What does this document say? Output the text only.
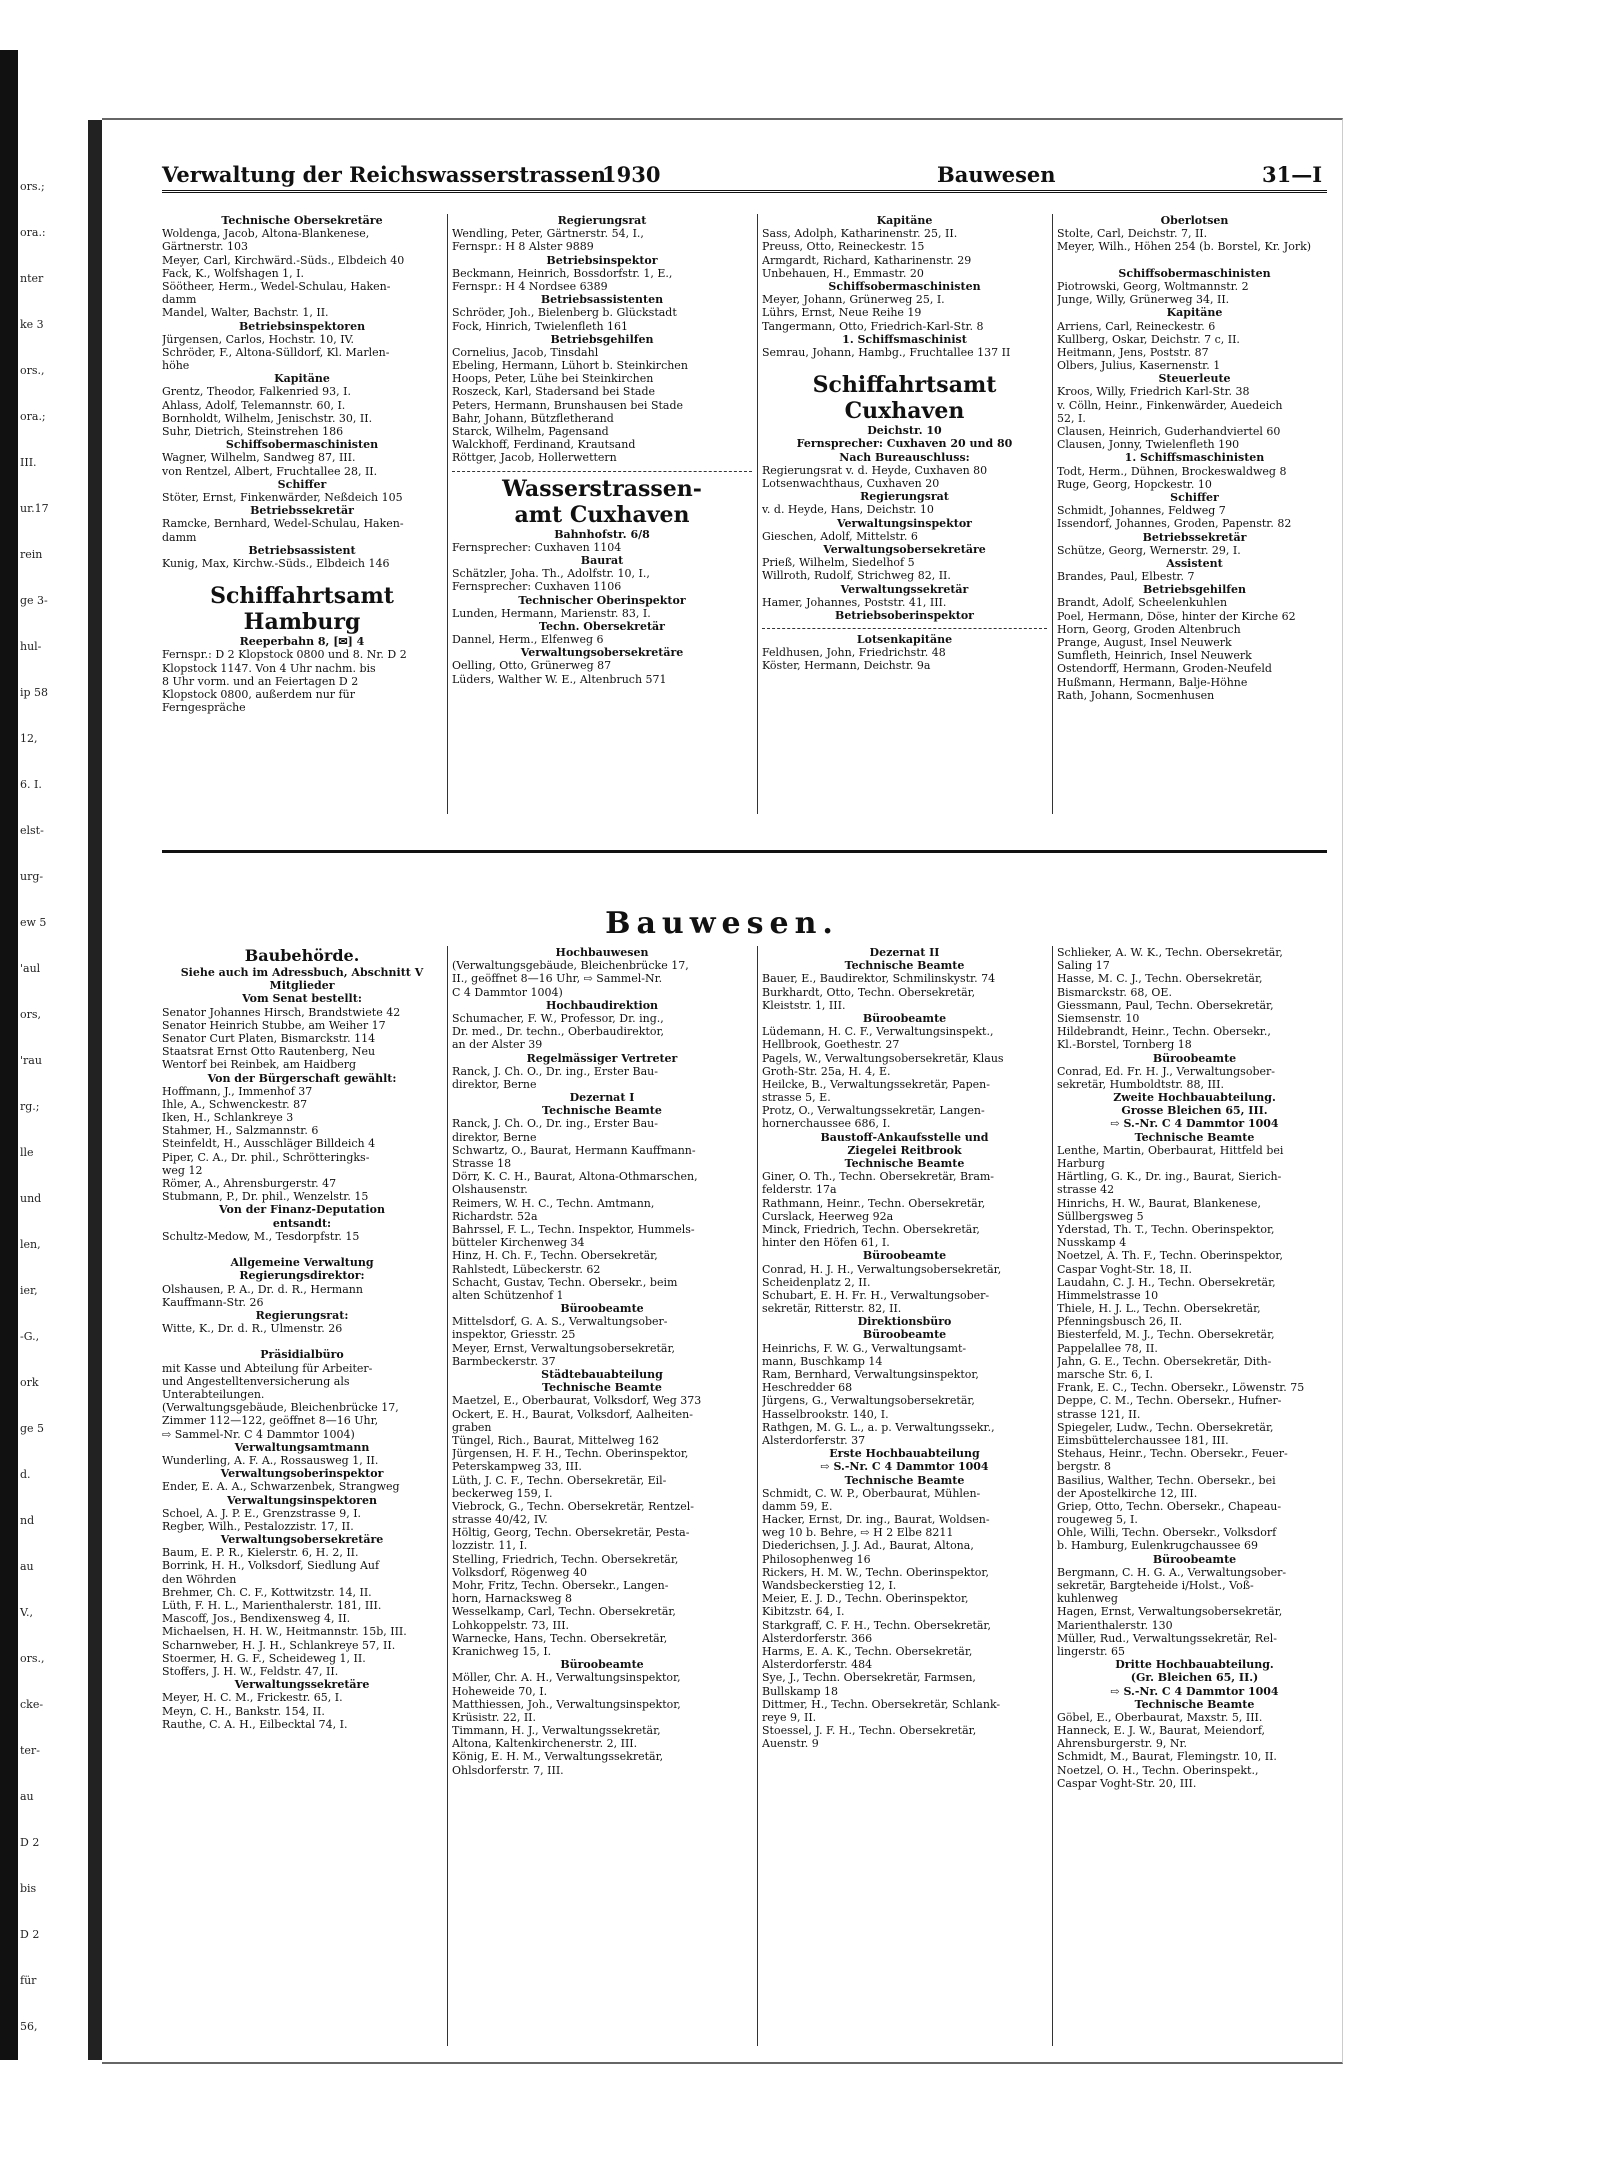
ors.;
ora.:
nter
ke 3
ors.,
ora.;
III.
ur.17
rein
ge 3-
hul-
ip 58
12,
6. I.
elst-
urg-
ew 5
'aul
ors,
'rau
rg.;
lle
und
len,
ier,
-G.,
ork
ge 5
d.
nd
au
V.,
ors.,
cke-
ter-
au
D 2
bis
D 2
für
56,
Verwaltung der Reichswasserstrassen
1930	Bauwesen	31—I
Technische Obersekretäre
Woldenga, Jacob, Altona-Blankenese,
Gärtnerstr. 103
Meyer, Carl, Kirchwärd.-Süds., Elbdeich 40
Fack, K., Wolfshagen 1, I.
Söötheer, Herm., Wedel-Schulau, Haken-
damm
Mandel, Walter, Bachstr. 1, II.
Betriebsinspektoren
Jürgensen, Carlos, Hochstr. 10, IV.
Schröder, F., Altona-Sülldorf, Kl. Marlen-
höhe
Kapitäne
Grentz, Theodor, Falkenried 93, I.
Ahlass, Adolf, Telemannstr. 60, I.
Bornholdt, Wilhelm, Jenischstr. 30, II.
Suhr, Dietrich, Steinstrehen 186
Schiffsobermaschinisten
Wagner, Wilhelm, Sandweg 87, III.
von Rentzel, Albert, Fruchtallee 28, II.
Schiffer
Stöter, Ernst, Finkenwärder, Neßdeich 105
Betriebssekretär
Ramcke, Bernhard, Wedel-Schulau, Haken-
damm
Betriebsassistent
Kunig, Max, Kirchw.-Süds., Elbdeich 146
Schiffahrtsamt
Hamburg
Reeperbahn 8, [✉] 4
Fernspr.: D 2 Klopstock 0800 und 8. Nr. D 2
Klopstock 1147. Von 4 Uhr nachm. bis
8 Uhr vorm. und an Feiertagen D 2
Klopstock 0800, außerdem nur für
Ferngespräche
Regierungsrat
Wendling, Peter, Gärtnerstr. 54, I.,
Fernspr.: H 8 Alster 9889
Betriebsinspektor
Beckmann, Heinrich, Bossdorfstr. 1, E.,
Fernspr.: H 4 Nordsee 6389
Betriebsassistenten
Schröder, Joh., Bielenberg b. Glückstadt
Fock, Hinrich, Twielenfleth 161
Betriebsgehilfen
Cornelius, Jacob, Tinsdahl
Ebeling, Hermann, Lühort b. Steinkirchen
Hoops, Peter, Lühe bei Steinkirchen
Roszeck, Karl, Stadersand bei Stade
Peters, Hermann, Brunshausen bei Stade
Bahr, Johann, Bützfletherand
Starck, Wilhelm, Pagensand
Walckhoff, Ferdinand, Krautsand
Röttger, Jacob, Hollerwettern
Wasserstrassen-
amt Cuxhaven
Bahnhofstr. 6/8
Fernsprecher: Cuxhaven 1104
Baurat
Schätzler, Joha. Th., Adolfstr. 10, I.,
Fernsprecher: Cuxhaven 1106
Technischer Oberinspektor
Lunden, Hermann, Marienstr. 83, I.
Techn. Obersekretär
Dannel, Herm., Elfenweg 6
Verwaltungsobersekretäre
Oelling, Otto, Grünerweg 87
Lüders, Walther W. E., Altenbruch 571
Kapitäne
Sass, Adolph, Katharinenstr. 25, II.
Preuss, Otto, Reineckestr. 15
Armgardt, Richard, Katharinenstr. 29
Unbehauen, H., Emmastr. 20
Schiffsobermaschinisten
Meyer, Johann, Grünerweg 25, I.
Lührs, Ernst, Neue Reihe 19
Tangermann, Otto, Friedrich-Karl-Str. 8
1. Schiffsmaschinist
Semrau, Johann, Hambg., Fruchtallee 137 II
Schiffahrtsamt
Cuxhaven
Deichstr. 10
Fernsprecher: Cuxhaven 20 und 80
Nach Bureauschluss:
Regierungsrat v. d. Heyde, Cuxhaven 80
Lotsenwachthaus, Cuxhaven 20
Regierungsrat
v. d. Heyde, Hans, Deichstr. 10
Verwaltungsinspektor
Gieschen, Adolf, Mittelstr. 6
Verwaltungsobersekretäre
Prieß, Wilhelm, Siedelhof 5
Willroth, Rudolf, Strichweg 82, II.
Verwaltungssekretär
Hamer, Johannes, Poststr. 41, III.
Betriebsoberinspektor
Lotsenkapitäne
Feldhusen, John, Friedrichstr. 48
Köster, Hermann, Deichstr. 9a
Oberlotsen
Stolte, Carl, Deichstr. 7, II.
Meyer, Wilh., Höhen 254 (b. Borstel, Kr. Jork)
Schiffsobermaschinisten
Piotrowski, Georg, Woltmannstr. 2
Junge, Willy, Grünerweg 34, II.
Kapitäne
Arriens, Carl, Reineckestr. 6
Kullberg, Oskar, Deichstr. 7 c, II.
Heitmann, Jens, Poststr. 87
Olbers, Julius, Kasernenstr. 1
Steuerleute
Kroos, Willy, Friedrich Karl-Str. 38
v. Cölln, Heinr., Finkenwärder, Auedeich
52, I.
Clausen, Heinrich, Guderhandviertel 60
Clausen, Jonny, Twielenfleth 190
1. Schiffsmaschinisten
Todt, Herm., Dühnen, Brockeswaldweg 8
Ruge, Georg, Hopckestr. 10
Schiffer
Schmidt, Johannes, Feldweg 7
Issendorf, Johannes, Groden, Papenstr. 82
Betriebssekretär
Schütze, Georg, Wernerstr. 29, I.
Assistent
Brandes, Paul, Elbestr. 7
Betriebsgehilfen
Brandt, Adolf, Scheelenkuhlen
Poel, Hermann, Döse, hinter der Kirche 62
Horn, Georg, Groden Altenbruch
Prange, August, Insel Neuwerk
Sumfleth, Heinrich, Insel Neuwerk
Ostendorff, Hermann, Groden-Neufeld
Hußmann, Hermann, Balje-Höhne
Rath, Johann, Socmenhusen
Bauwesen.
Baubehörde.
Siehe auch im Adressbuch, Abschnitt V
Mitglieder
Vom Senat bestellt:
Senator Johannes Hirsch, Brandstwiete 42
Senator Heinrich Stubbe, am Weiher 17
Senator Curt Platen, Bismarckstr. 114
Staatsrat Ernst Otto Rautenberg, Neu
Wentorf bei Reinbek, am Haidberg
Von der Bürgerschaft gewählt:
Hoffmann, J., Immenhof 37
Ihle, A., Schwenckestr. 87
Iken, H., Schlankreye 3
Stahmer, H., Salzmannstr. 6
Steinfeldt, H., Ausschläger Billdeich 4
Piper, C. A., Dr. phil., Schrötteringks-
weg 12
Römer, A., Ahrensburgerstr. 47
Stubmann, P., Dr. phil., Wenzelstr. 15
Von der Finanz-Deputation
entsandt:
Schultz-Medow, M., Tesdorpfstr. 15
Allgemeine Verwaltung
Regierungsdirektor:
Olshausen, P. A., Dr. d. R., Hermann
Kauffmann-Str. 26
Regierungsrat:
Witte, K., Dr. d. R., Ulmenstr. 26
Präsidialbüro
mit Kasse und Abteilung für Arbeiter-
und Angestelltenversicherung als
Unterabteilungen.
(Verwaltungsgebäude, Bleichenbrücke 17,
Zimmer 112—122, geöffnet 8—16 Uhr,
⇨ Sammel-Nr. C 4 Dammtor 1004)
Verwaltungsamtmann
Wunderling, A. F. A., Rossausweg 1, II.
Verwaltungsoberinspektor
Ender, E. A. A., Schwarzenbek, Strangweg
Verwaltungsinspektoren
Schoel, A. J. P. E., Grenzstrasse 9, I.
Regber, Wilh., Pestalozzistr. 17, II.
Verwaltungsobersekretäre
Baum, E. P. R., Kielerstr. 6, H. 2, II.
Borrink, H. H., Volksdorf, Siedlung Auf
den Wöhrden
Brehmer, Ch. C. F., Kottwitzstr. 14, II.
Lüth, F. H. L., Marienthalerstr. 181, III.
Mascoff, Jos., Bendixensweg 4, II.
Michaelsen, H. H. W., Heitmannstr. 15b, III.
Scharnweber, H. J. H., Schlankreye 57, II.
Stoermer, H. G. F., Scheideweg 1, II.
Stoffers, J. H. W., Feldstr. 47, II.
Verwaltungssekretäre
Meyer, H. C. M., Frickestr. 65, I.
Meyn, C. H., Bankstr. 154, II.
Rauthe, C. A. H., Eilbecktal 74, I.
Hochbauwesen
(Verwaltungsgebäude, Bleichenbrücke 17,
II., geöffnet 8—16 Uhr, ⇨ Sammel-Nr.
C 4 Dammtor 1004)
Hochbaudirektion
Schumacher, F. W., Professor, Dr. ing.,
Dr. med., Dr. techn., Oberbaudirektor,
an der Alster 39
Regelmässiger Vertreter
Ranck, J. Ch. O., Dr. ing., Erster Bau-
direktor, Berne
Dezernat I
Technische Beamte
Ranck, J. Ch. O., Dr. ing., Erster Bau-
direktor, Berne
Schwartz, O., Baurat, Hermann Kauffmann-
Strasse 18
Dörr, K. C. H., Baurat, Altona-Othmarschen,
Olshausenstr.
Reimers, W. H. C., Techn. Amtmann,
Richardstr. 52a
Bahrssel, F. L., Techn. Inspektor, Hummels-
bütteler Kirchenweg 34
Hinz, H. Ch. F., Techn. Obersekretär,
Rahlstedt, Lübeckerstr. 62
Schacht, Gustav, Techn. Obersekr., beim
alten Schützenhof 1
Büroobeamte
Mittelsdorf, G. A. S., Verwaltungsober-
inspektor, Griesstr. 25
Meyer, Ernst, Verwaltungsobersekretär,
Barmbeckerstr. 37
Städtebauabteilung
Technische Beamte
Maetzel, E., Oberbaurat, Volksdorf, Weg 373
Ockert, E. H., Baurat, Volksdorf, Aalheiten-
graben
Tüngel, Rich., Baurat, Mittelweg 162
Jürgensen, H. F. H., Techn. Oberinspektor,
Peterskampweg 33, III.
Lüth, J. C. F., Techn. Obersekretär, Eil-
beckerweg 159, I.
Viebrock, G., Techn. Obersekretär, Rentzel-
strasse 40/42, IV.
Höltig, Georg, Techn. Obersekretär, Pesta-
lozzistr. 11, I.
Stelling, Friedrich, Techn. Obersekretär,
Volksdorf, Rögenweg 40
Mohr, Fritz, Techn. Obersekr., Langen-
horn, Harnacksweg 8
Wesselkamp, Carl, Techn. Obersekretär,
Lohkoppelstr. 73, III.
Warnecke, Hans, Techn. Obersekretär,
Kranichweg 15, I.
Büroobeamte
Möller, Chr. A. H., Verwaltungsinspektor,
Hoheweide 70, I.
Matthiessen, Joh., Verwaltungsinspektor,
Krüsistr. 22, II.
Timmann, H. J., Verwaltungssekretär,
Altona, Kaltenkirchenerstr. 2, III.
König, E. H. M., Verwaltungssekretär,
Ohlsdorferstr. 7, III.
Dezernat II
Technische Beamte
Bauer, E., Baudirektor, Schmilinskystr. 74
Burkhardt, Otto, Techn. Obersekretär,
Kleiststr. 1, III.
Büroobeamte
Lüdemann, H. C. F., Verwaltungsinspekt.,
Hellbrook, Goethestr. 27
Pagels, W., Verwaltungsobersekretär, Klaus
Groth-Str. 25a, H. 4, E.
Heilcke, B., Verwaltungssekretär, Papen-
strasse 5, E.
Protz, O., Verwaltungssekretär, Langen-
hornerchaussee 686, I.
Baustoff-Ankaufsstelle und
Ziegelei Reitbrook
Technische Beamte
Giner, O. Th., Techn. Obersekretär, Bram-
felderstr. 17a
Rathmann, Heinr., Techn. Obersekretär,
Curslack, Heerweg 92a
Minck, Friedrich, Techn. Obersekretär,
hinter den Höfen 61, I.
Büroobeamte
Conrad, H. J. H., Verwaltungsobersekretär,
Scheidenplatz 2, II.
Schubart, E. H. Fr. H., Verwaltungsober-
sekretär, Ritterstr. 82, II.
Direktionsbüro
Büroobeamte
Heinrichs, F. W. G., Verwaltungsamt-
mann, Buschkamp 14
Ram, Bernhard, Verwaltungsinspektor,
Heschredder 68
Jürgens, G., Verwaltungsobersekretär,
Hasselbrookstr. 140, I.
Rathgen, M. G. L., a. p. Verwaltungssekr.,
Alsterdorferstr. 37
Erste Hochbauabteilung
⇨ S.-Nr. C 4 Dammtor 1004
Technische Beamte
Schmidt, C. W. P., Oberbaurat, Mühlen-
damm 59, E.
Hacker, Ernst, Dr. ing., Baurat, Woldsen-
weg 10 b. Behre, ⇨ H 2 Elbe 8211
Diederichsen, J. J. Ad., Baurat, Altona,
Philosophenweg 16
Rickers, H. M. W., Techn. Oberinspektor,
Wandsbeckerstieg 12, I.
Meier, E. J. D., Techn. Oberinspektor,
Kibitzstr. 64, I.
Starkgraff, C. F. H., Techn. Obersekretär,
Alsterdorferstr. 366
Harms, E. A. K., Techn. Obersekretär,
Alsterdorferstr. 484
Sye, J., Techn. Obersekretär, Farmsen,
Bullskamp 18
Dittmer, H., Techn. Obersekretär, Schlank-
reye 9, II.
Stoessel, J. F. H., Techn. Obersekretär,
Auenstr. 9
Schlieker, A. W. K., Techn. Obersekretär,
Saling 17
Hasse, M. C. J., Techn. Obersekretär,
Bismarckstr. 68, OE.
Giessmann, Paul, Techn. Obersekretär,
Siemsenstr. 10
Hildebrandt, Heinr., Techn. Obersekr.,
Kl.-Borstel, Tornberg 18
Büroobeamte
Conrad, Ed. Fr. H. J., Verwaltungsober-
sekretär, Humboldtstr. 88, III.
Zweite Hochbauabteilung.
Grosse Bleichen 65, III.
⇨ S.-Nr. C 4 Dammtor 1004
Technische Beamte
Lenthe, Martin, Oberbaurat, Hittfeld bei
Harburg
Härtling, G. K., Dr. ing., Baurat, Sierich-
strasse 42
Hinrichs, H. W., Baurat, Blankenese,
Süllbergsweg 5
Yderstad, Th. T., Techn. Oberinspektor,
Nusskamp 4
Noetzel, A. Th. F., Techn. Oberinspektor,
Caspar Voght-Str. 18, II.
Laudahn, C. J. H., Techn. Obersekretär,
Himmelstrasse 10
Thiele, H. J. L., Techn. Obersekretär,
Pfenningsbusch 26, II.
Biesterfeld, M. J., Techn. Obersekretär,
Pappelallee 78, II.
Jahn, G. E., Techn. Obersekretär, Dith-
marsche Str. 6, I.
Frank, E. C., Techn. Obersekr., Löwenstr. 75
Deppe, C. M., Techn. Obersekr., Hufner-
strasse 121, II.
Spiegeler, Ludw., Techn. Obersekretär,
Eimsbüttelerchaussee 181, III.
Stehaus, Heinr., Techn. Obersekr., Feuer-
bergstr. 8
Basilius, Walther, Techn. Obersekr., bei
der Apostelkirche 12, III.
Griep, Otto, Techn. Obersekr., Chapeau-
rougeweg 5, I.
Ohle, Willi, Techn. Obersekr., Volksdorf
b. Hamburg, Eulenkrugchaussee 69
Büroobeamte
Bergmann, C. H. G. A., Verwaltungsober-
sekretär, Bargteheide i/Holst., Voß-
kuhlenweg
Hagen, Ernst, Verwaltungsobersekretär,
Marienthalerstr. 130
Müller, Rud., Verwaltungssekretär, Rel-
lingerstr. 65
Dritte Hochbauabteilung.
(Gr. Bleichen 65, II.)
⇨ S.-Nr. C 4 Dammtor 1004
Technische Beamte
Göbel, E., Oberbaurat, Maxstr. 5, III.
Hanneck, E. J. W., Baurat, Meiendorf,
Ahrensburgerstr. 9, Nr.
Schmidt, M., Baurat, Flemingstr. 10, II.
Noetzel, O. H., Techn. Oberinspekt.,
Caspar Voght-Str. 20, III.
